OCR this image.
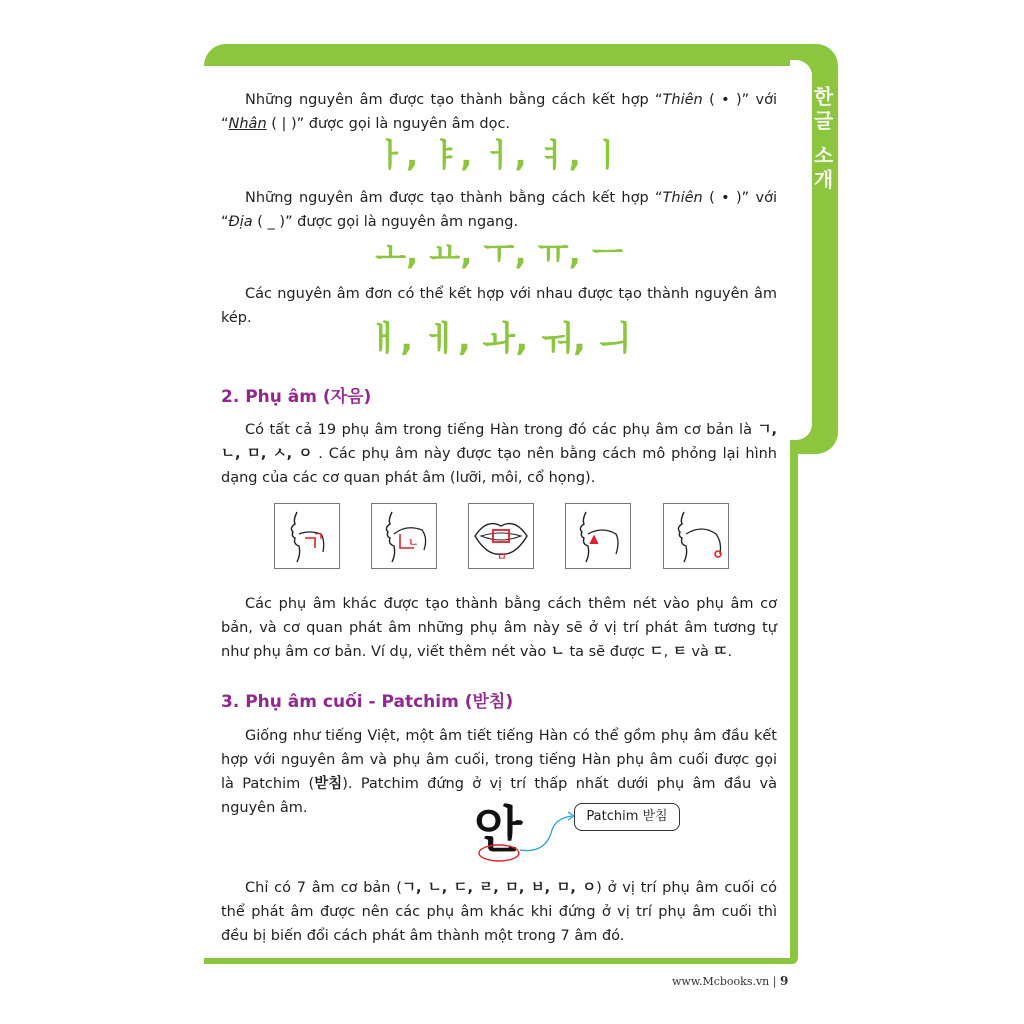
한글 소개

Những nguyên âm được tạo thành bằng cách kết hợp “Thiên ( • )” với “Nhân ( | )” được gọi là nguyên âm dọc.

ㅏ, ㅑ, ㅓ, ㅕ, ㅣ

Những nguyên âm được tạo thành bằng cách kết hợp “Thiên ( • )” với “Địa ( _ )” được gọi là nguyên âm ngang.

ㅗ, ㅛ, ㅜ, ㅠ, ㅡ

Các nguyên âm đơn có thể kết hợp với nhau được tạo thành nguyên âm kép.

ㅐ, ㅔ, ㅘ, ㅝ, ㅢ
2. Phụ âm (자음)

Có tất cả 19 phụ âm trong tiếng Hàn trong đó các phụ âm cơ bản là ㄱ, ㄴ, ㅁ, ㅅ, ㅇ . Các phụ âm này được tạo nên bằng cách mô phỏng lại hình dạng của các cơ quan phát âm (lưỡi, môi, cổ họng).

ㄱ	ㄴ
ㅁ

Các phụ âm khác được tạo thành bằng cách thêm nét vào phụ âm cơ bản, và cơ quan phát âm những phụ âm này sẽ ở vị trí phát âm tương tự như phụ âm cơ bản. Ví dụ, viết thêm nét vào ㄴ ta sẽ được ㄷ, ㅌ và ㄸ.

3. Phụ âm cuối - Patchim (받침)

Giống như tiếng Việt, một âm tiết tiếng Hàn có thể gồm phụ âm đầu kết hợp với nguyên âm và phụ âm cuối, trong tiếng Hàn phụ âm cuối được gọi là Patchim (받침). Patchim đứng ở vị trí thấp nhất dưới phụ âm đầu và nguyên âm.	안	Patchim 받침

Chỉ có 7 âm cơ bản (ㄱ, ㄴ, ㄷ, ㄹ, ㅁ, ㅂ, ㅁ, ㅇ) ở vị trí phụ âm cuối có thể phát âm được nên các phụ âm khác khi đứng ở vị trí phụ âm cuối thì đều bị biến đổi cách phát âm thành một trong 7 âm đó.

www.Mcbooks.vn | 9
